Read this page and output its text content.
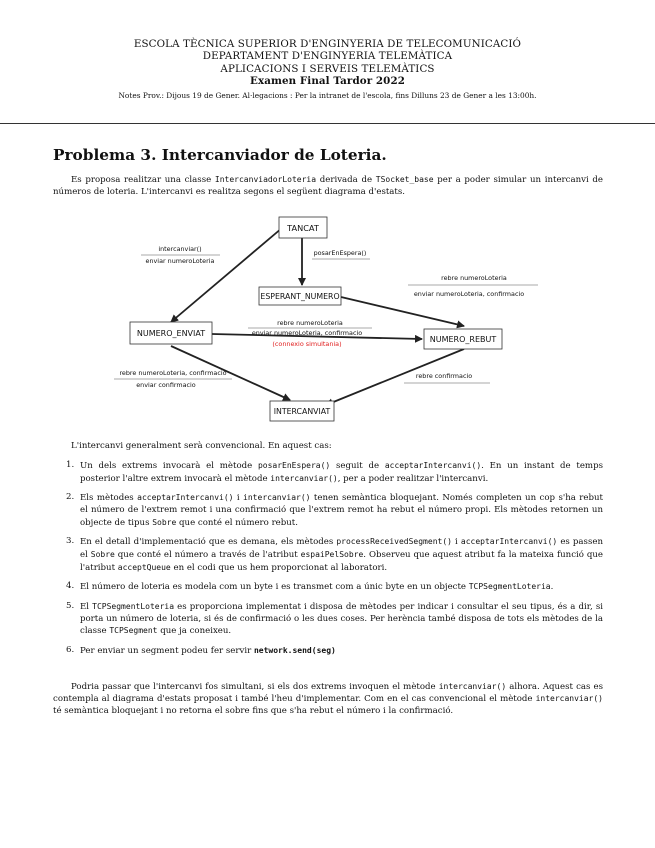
ESCOLA TÈCNICA SUPERIOR D'ENGINYERIA DE TELECOMUNICACIÓ
DEPARTAMENT D'ENGINYERIA TELEMÀTICA
APLICACIONS I SERVEIS TELEMÀTICS
Examen Final Tardor 2022
Notes Prov.: Dijous 19 de Gener. Al·legacions : Per la intranet de l'escola, fins Dilluns 23 de Gener a les 13:00h.
Problema 3. Intercanviador de Loteria.
Es proposa realitzar una classe IntercanviadorLoteria derivada de TSocket_base per a poder simular un intercanvi de números de loteria. L'intercanvi es realitza segons el següent diagrama d'estats.
TANCAT
ESPERANT_NUMERO
NUMERO_ENVIAT
NUMERO_REBUT
INTERCANVIAT
intercanviar()
enviar numeroLoteria
posarEnEspera()
rebre numeroLoteria
enviar numeroLoteria, confirmacio
rebre numeroLoteria
enviar numeroLoteria, confirmacio
(connexio simultania)
rebre numeroLoteria, confirmacio
enviar confirmacio
rebre confirmacio
L'intercanvi generalment serà convencional. En aquest cas:
1. Un dels extrems invocarà el mètode posarEnEspera() seguit de acceptarIntercanvi(). En un instant de temps posterior l'altre extrem invocarà el mètode intercanviar(), per a poder realitzar l'intercanvi.
2. Els mètodes acceptarIntercanvi() i intercanviar() tenen semàntica bloquejant. Només completen un cop s'ha rebut el número de l'extrem remot i una confirmació que l'extrem remot ha rebut el número propi. Els mètodes retornen un objecte de tipus Sobre que conté el número rebut.
3. En el detall d'implementació que es demana, els mètodes processReceivedSegment() i acceptarIntercanvi() es passen el Sobre que conté el número a través de l'atribut espaiPelSobre. Observeu que aquest atribut fa la mateixa funció que l'atribut acceptQueue en el codi que us hem proporcionat al laboratori.
4. El número de loteria es modela com un byte i es transmet com a únic byte en un objecte TCPSegmentLoteria.
5. El TCPSegmentLoteria es proporciona implementat i disposa de mètodes per indicar i consultar el seu tipus, és a dir, si porta un número de loteria, si és de confirmació o les dues coses. Per herència també disposa de tots els mètodes de la classe TCPSegment que ja coneixeu.
6. Per enviar un segment podeu fer servir network.send(seg)
Podria passar que l'intercanvi fos simultani, si els dos extrems invoquen el mètode intercanviar() alhora. Aquest cas es contempla al diagrama d'estats proposat i també l'heu d'implementar. Com en el cas convencional el mètode intercanviar() té semàntica bloquejant i no retorna el sobre fins que s'ha rebut el número i la confirmació.
